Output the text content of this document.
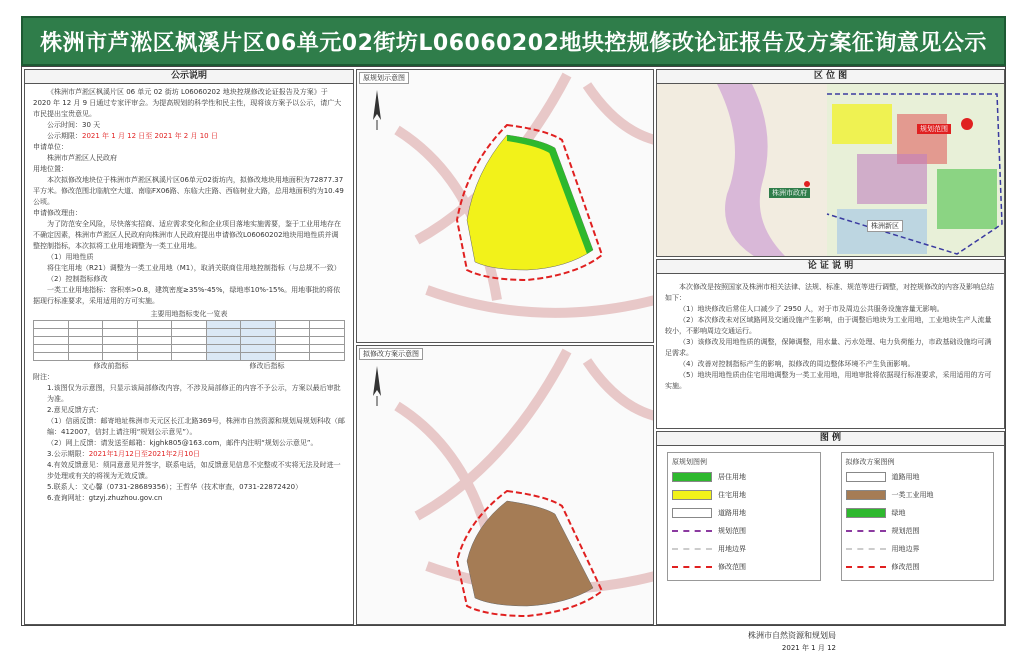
株洲市芦淞区枫溪片区06单元02街坊L06060202地块控规修改论证报告及方案征询意见公示
公示说明
《株洲市芦淞区枫溪片区 06 单元 02 街坊 L06060202 地块控规修改论证报告及方案》于 2020 年 12 月 9 日通过专家评审会。为提高规划的科学性和民主性，现将该方案予以公示，请广大市民提出宝贵意见。
公示时间：30 天
公示期限：2021 年 1 月 12 日至 2021 年 2 月 10 日
申请单位：
株洲市芦淞区人民政府
用地位置：
本次拟修改地块位于株洲市芦淞区枫溪片区06单元02街坊内，拟修改地块用地面积为72877.37平方米。修改范围北临航空大道、南临FX06路、东临大庄路、西临树业大路，总用地面积约为10.49公顷。
申请修改理由：
为了防范安全风险，尽快落实招商、适应需求变化和企业项目落地实施需要，鉴于工业用地存在不确定因素，株洲市芦淞区人民政府向株洲市人民政府提出申请修改L06060202地块用地性质并调整控制指标，本次拟将工业用地调整为一类工业用地。
（1）用地性质
将住宅用地（R21）调整为一类工业用地（M1），取消关联商住用地控制指标（与总规不一致）
（2）控制指标修改
一类工业用地指标：容积率>0.8，建筑密度≥35%-45%，绿地率10%-15%。用地事批的将依据现行标准要求，采用适用的方可实施。
主要用地指标变化一览表

修改前指标	修改后指标
附注：
1.该图仅为示意图，只显示该局部修改内容，不涉及局部修正的内容不予公示，方案以最后审批为准。
2.意见反馈方式：
（1）信函反馈：邮寄地址株洲市天元区长江北路369号，株洲市自然资源和规划局规划科收（邮编：412007，信封上请注明“规划公示意见”）。
（2）网上反馈：请发送至邮箱：kjghk805@163.com，邮件内注明“规划公示意见”。
3.公示期限：2021年1月12日至2021年2月10日
4.有效反馈意见：须同意意见并签字，联系电话，如反馈意见信息不完整或不实将无法及时进一步处理或有关的将视为无效反馈。
5.联系人：文心馨（0731-28689356）；王哲华（技术审查，0731-22872420）
6.查询网址：gtzyj.zhuzhou.gov.cn
原规划示意图
拟修改方案示意图
区 位 图
规划范围
株洲市政府
株洲新区
论 证 说 明
本次修改是按照国家及株洲市相关法律、法规、标准、规范等进行调整，对控规修改的内容及影响总结如下：
（1）地块修改后常住人口减少了 2950 人，对于市及周边公共服务设施容量无影响。
（2）本次修改未对区域路网及交通设施产生影响，由于调整后地块为工业用地，工业地块生产人流量较小，不影响周边交通运行。
（3）该修改及用地性质的调整，保障调整，用水量、污水处理、电力负荷能力，市政基础设施均可满足需求。
（4）改善对控制指标产生的影响，拟修改的周边整体环境不产生负面影响。
（5）地块用地性质由住宅用地调整为一类工业用地，用地审批将依据现行标准要求，采用适用的方可实施。
图 例
原规划图例
居住用地
住宅用地
道路用地
规划范围
用地边界
修改范围
拟修改方案图例
道路用地
一类工业用地
绿地
规划范围
用地边界
修改范围
株洲市自然资源和规划局
2021 年 1 月 12
